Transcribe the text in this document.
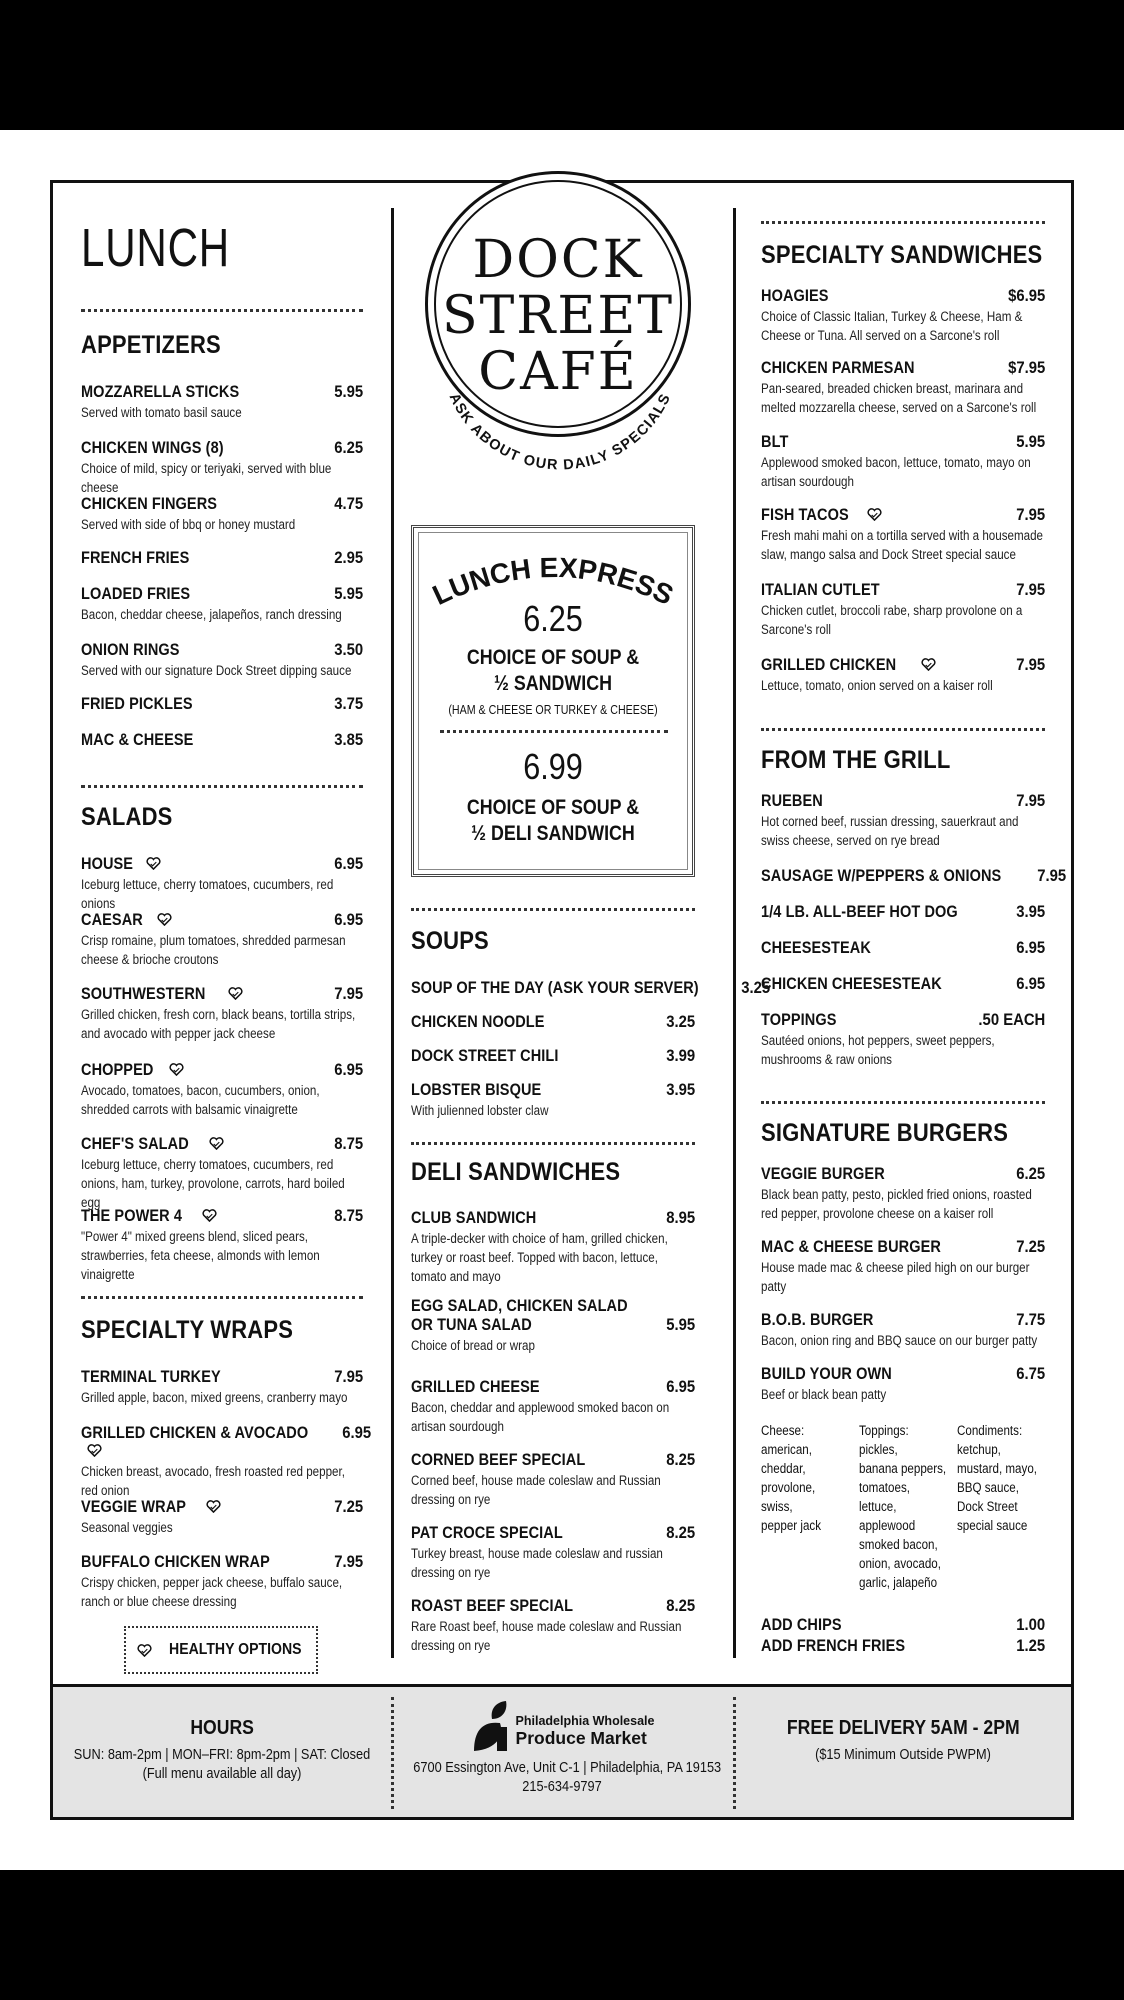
LUNCH
APPETIZERS
MOZZARELLA STICKS	5.95
Served with tomato basil sauce
CHICKEN WINGS (8)	6.25
Choice of mild, spicy or teriyaki, served with blue cheese
CHICKEN FINGERS	4.75
Served with side of bbq or honey mustard
FRENCH FRIES	2.95
LOADED FRIES	5.95
Bacon, cheddar cheese, jalapeños, ranch dressing
ONION RINGS	3.50
Served with our signature Dock Street dipping sauce
FRIED PICKLES	3.75
MAC & CHEESE	3.85
SALADS
HOUSE	6.95
Iceburg lettuce, cherry tomatoes, cucumbers, red onions
CAESAR	6.95
Crisp romaine, plum tomatoes, shredded parmesan cheese & brioche croutons
SOUTHWESTERN	7.95
Grilled chicken, fresh corn, black beans, tortilla strips, and avocado with pepper jack cheese
CHOPPED	6.95
Avocado, tomatoes, bacon, cucumbers, onion, shredded carrots with balsamic vinaigrette
CHEF'S SALAD	8.75
Iceburg lettuce, cherry tomatoes, cucumbers, red onions, ham, turkey, provolone, carrots, hard boiled egg
THE POWER 4	8.75
"Power 4" mixed greens blend, sliced pears, strawberries, feta cheese, almonds with lemon vinaigrette
SPECIALTY WRAPS
TERMINAL TURKEY	7.95
Grilled apple, bacon, mixed greens, cranberry mayo
GRILLED CHICKEN & AVOCADO	6.95
Chicken breast, avocado, fresh roasted red pepper, red onion
VEGGIE WRAP	7.25
Seasonal veggies
BUFFALO CHICKEN WRAP	7.95
Crispy chicken, pepper jack cheese, buffalo sauce, ranch or blue cheese dressing
HEALTHY OPTIONS
DOCK
STREET
CAFÉ
ASK ABOUT OUR DAILY SPECIALS
LUNCH EXPRESS
6.25
CHOICE OF SOUP &
½ SANDWICH
(HAM & CHEESE OR TURKEY & CHEESE)
6.99
CHOICE OF SOUP &
½ DELI SANDWICH
SOUPS
SOUP OF THE DAY (ASK YOUR SERVER)	3.25
CHICKEN NOODLE	3.25
DOCK STREET CHILI	3.99
LOBSTER BISQUE	3.95
With julienned lobster claw
DELI SANDWICHES
CLUB SANDWICH	8.95
A triple-decker with choice of ham, grilled chicken, turkey or roast beef. Topped with bacon, lettuce, tomato and mayo
EGG SALAD, CHICKEN SALAD
OR TUNA SALAD	5.95
Choice of bread or wrap
GRILLED CHEESE	6.95
Bacon, cheddar and applewood smoked bacon on artisan sourdough
CORNED BEEF SPECIAL	8.25
Corned beef, house made coleslaw and Russian dressing on rye
PAT CROCE SPECIAL	8.25
Turkey breast, house made coleslaw and russian dressing on rye
ROAST BEEF SPECIAL	8.25
Rare Roast beef, house made coleslaw and Russian dressing on rye
SPECIALTY SANDWICHES
HOAGIES	$6.95
Choice of Classic Italian, Turkey & Cheese, Ham & Cheese or Tuna. All served on a Sarcone's roll
CHICKEN PARMESAN	$7.95
Pan-seared, breaded chicken breast, marinara and melted mozzarella cheese, served on a Sarcone's roll
BLT	5.95
Applewood smoked bacon, lettuce, tomato, mayo on artisan sourdough
FISH TACOS	7.95
Fresh mahi mahi on a tortilla served with a housemade slaw, mango salsa and Dock Street special sauce
ITALIAN CUTLET	7.95
Chicken cutlet, broccoli rabe, sharp provolone on a Sarcone's roll
GRILLED CHICKEN	7.95
Lettuce, tomato, onion served on a kaiser roll
FROM THE GRILL
RUEBEN	7.95
Hot corned beef, russian dressing, sauerkraut and swiss cheese, served on rye bread
SAUSAGE W/PEPPERS & ONIONS	7.95
1/4 LB. ALL-BEEF HOT DOG	3.95
CHEESESTEAK	6.95
CHICKEN CHEESESTEAK	6.95
TOPPINGS	.50 EACH
Sautéed onions, hot peppers, sweet peppers, mushrooms & raw onions
SIGNATURE BURGERS
VEGGIE BURGER	6.25
Black bean patty, pesto, pickled fried onions, roasted red pepper, provolone cheese on a kaiser roll
MAC & CHEESE BURGER	7.25
House made mac & cheese piled high on our burger patty
B.O.B. BURGER	7.75
Bacon, onion ring and BBQ sauce on our burger patty
BUILD YOUR OWN	6.75
Beef or black bean patty
Cheese:
american,
cheddar,
provolone,
swiss,
pepper jack
Toppings:
pickles,
banana peppers,
tomatoes,
lettuce,
applewood
smoked bacon,
onion, avocado,
garlic, jalapeño
Condiments:
ketchup,
mustard, mayo,
BBQ sauce,
Dock Street
special sauce
ADD CHIPS	1.00
ADD FRENCH FRIES	1.25
HOURS
SUN: 8am-2pm | MON–FRI: 8pm-2pm | SAT: Closed
(Full menu available all day)
Philadelphia Wholesale
Produce Market
6700 Essington Ave, Unit C-1 | Philadelphia, PA 19153
215-634-9797
FREE DELIVERY 5AM - 2PM
($15 Minimum Outside PWPM)
